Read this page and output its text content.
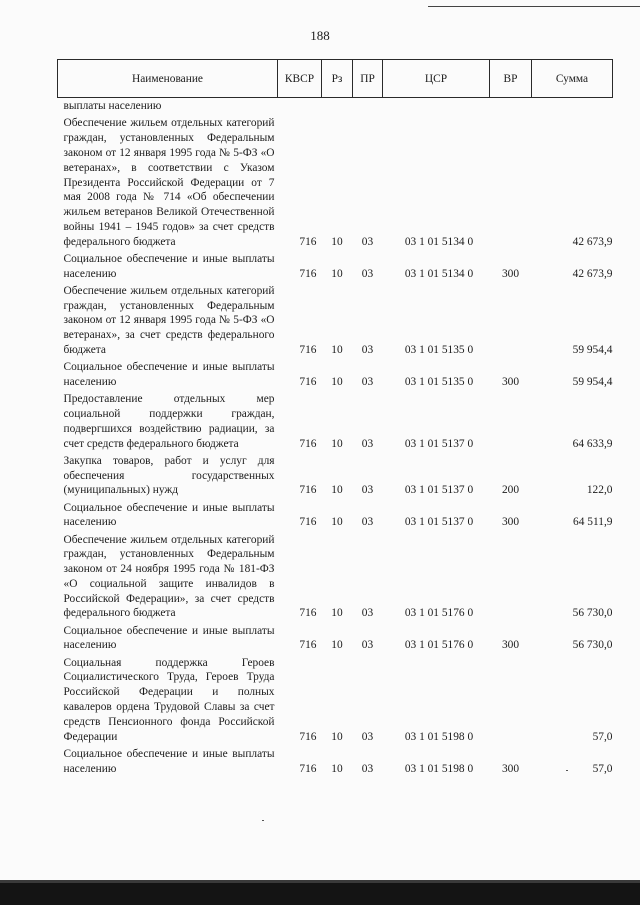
188
Наименование	КВСР	Рз	ПР	ЦСР	ВР	Сумма
выплаты населению						
Обеспечение жильем отдельных категорий граждан, установленных Федеральным законом от 12 января 1995 года № 5-ФЗ «О ветеранах», в соответствии с Указом Президента Российской Федерации от 7 мая 2008 года № 714 «Об обеспечении жильем ветеранов Великой Отечественной войны 1941 – 1945 годов» за счет средств федерального бюджета	716	10	03	03 1 01 5134 0		42 673,9
Социальное обеспечение и иные выплаты населению	716	10	03	03 1 01 5134 0	300	42 673,9
Обеспечение жильем отдельных категорий граждан, установленных Федеральным законом от 12 января 1995 года № 5-ФЗ «О ветеранах», за счет средств федерального бюджета	716	10	03	03 1 01 5135 0		59 954,4
Социальное обеспечение и иные выплаты населению	716	10	03	03 1 01 5135 0	300	59 954,4
Предоставление отдельных мер социальной поддержки граждан, подвергшихся воздействию радиации, за счет средств федерального бюджета	716	10	03	03 1 01 5137 0		64 633,9
Закупка товаров, работ и услуг для обеспечения государственных (муниципальных) нужд	716	10	03	03 1 01 5137 0	200	122,0
Социальное обеспечение и иные выплаты населению	716	10	03	03 1 01 5137 0	300	64 511,9
Обеспечение жильем отдельных категорий граждан, установленных Федеральным законом от 24 ноября 1995 года № 181-ФЗ «О социальной защите инвалидов в Российской Федерации», за счет средств федерального бюджета	716	10	03	03 1 01 5176 0		56 730,0
Социальное обеспечение и иные выплаты населению	716	10	03	03 1 01 5176 0	300	56 730,0
Социальная поддержка Героев Социалистического Труда, Героев Труда Российской Федерации и полных кавалеров ордена Трудовой Славы за счет средств Пенсионного фонда Российской Федерации	716	10	03	03 1 01 5198 0		57,0
Социальное обеспечение и иные выплаты населению	716	10	03	03 1 01 5198 0	300	57,0
